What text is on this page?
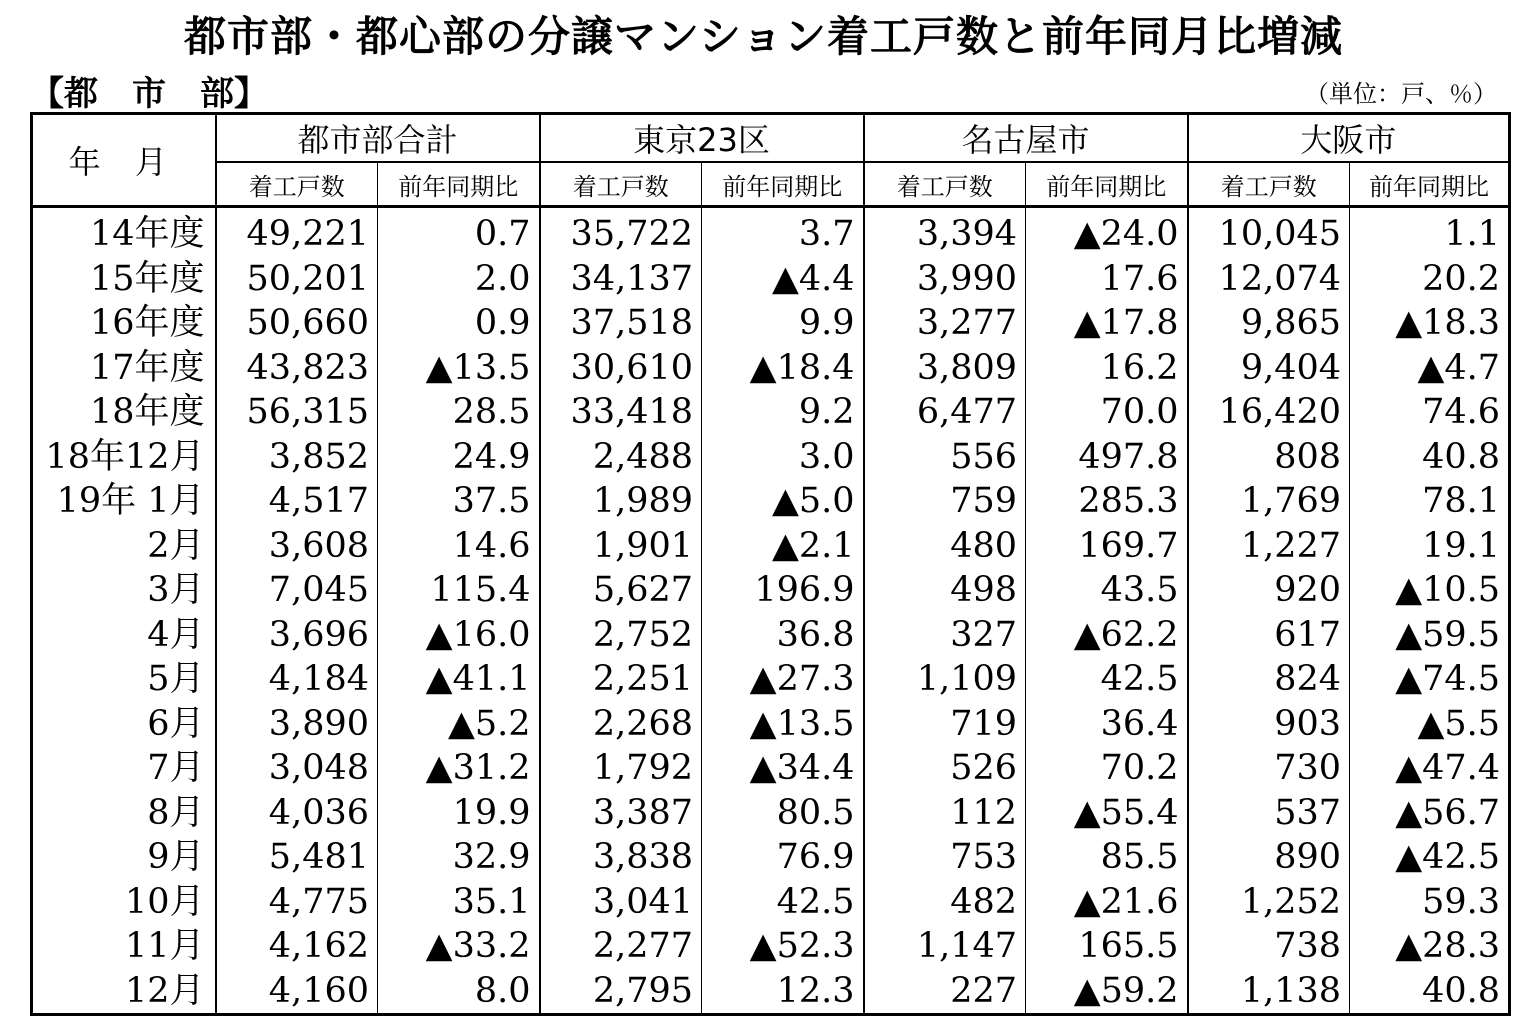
都市部・都心部の分譲マンション着工戸数と前年同月比増減
【都　市　部】	（単位：戸、％）
年 月	都市部合計		東京23区		名古屋市		大阪市	
	着工戸数	前年同期比	着工戸数	前年同期比	着工戸数	前年同期比	着工戸数	前年同期比
14年度	49,221	0.7	35,722	3.7	3,394	▲24.0	10,045	1.1
15年度	50,201	2.0	34,137	▲4.4	3,990	17.6	12,074	20.2
16年度	50,660	0.9	37,518	9.9	3,277	▲17.8	9,865	▲18.3
17年度	43,823	▲13.5	30,610	▲18.4	3,809	16.2	9,404	▲4.7
18年度	56,315	28.5	33,418	9.2	6,477	70.0	16,420	74.6
18年12月	3,852	24.9	2,488	3.0	556	497.8	808	40.8
19年 1月	4,517	37.5	1,989	▲5.0	759	285.3	1,769	78.1
2月	3,608	14.6	1,901	▲2.1	480	169.7	1,227	19.1
3月	7,045	115.4	5,627	196.9	498	43.5	920	▲10.5
4月	3,696	▲16.0	2,752	36.8	327	▲62.2	617	▲59.5
5月	4,184	▲41.1	2,251	▲27.3	1,109	42.5	824	▲74.5
6月	3,890	▲5.2	2,268	▲13.5	719	36.4	903	▲5.5
7月	3,048	▲31.2	1,792	▲34.4	526	70.2	730	▲47.4
8月	4,036	19.9	3,387	80.5	112	▲55.4	537	▲56.7
9月	5,481	32.9	3,838	76.9	753	85.5	890	▲42.5
10月	4,775	35.1	3,041	42.5	482	▲21.6	1,252	59.3
11月	4,162	▲33.2	2,277	▲52.3	1,147	165.5	738	▲28.3
12月	4,160	8.0	2,795	12.3	227	▲59.2	1,138	40.8
